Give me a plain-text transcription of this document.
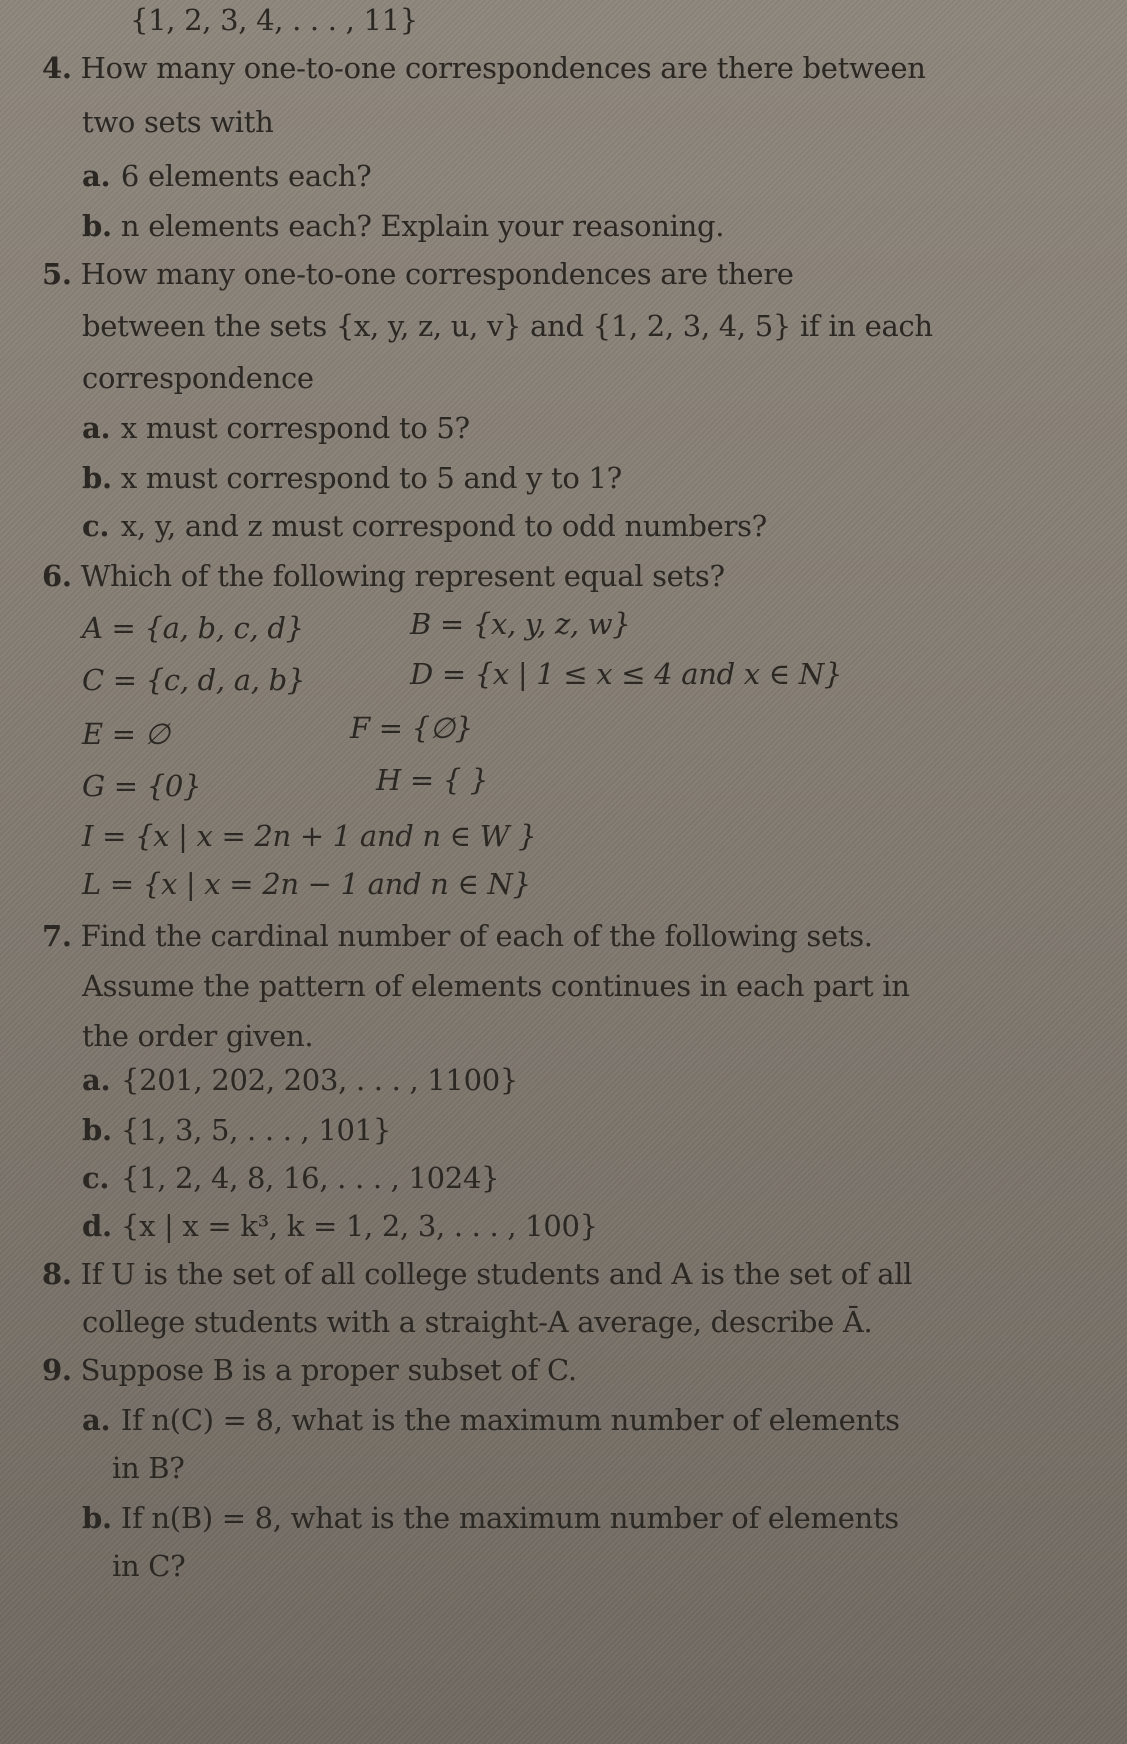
{1, 2, 3, 4, . . . , 11}
4. How many one-to-one correspondences are there between
two sets with
a. 6 elements each?
b. n elements each? Explain your reasoning.
5. How many one-to-one correspondences are there
between the sets {x, y, z, u, v} and {1, 2, 3, 4, 5} if in each
correspondence
a. x must correspond to 5?
b. x must correspond to 5 and y to 1?
c. x, y, and z must correspond to odd numbers?
6. Which of the following represent equal sets?
A = {a, b, c, d}	B = {x, y, z, w}
C = {c, d, a, b}	D = {x | 1 ≤ x ≤ 4 and x ∈ N}
E = ∅	F = {∅}
G = {0}	H = { }
I = {x | x = 2n + 1 and n ∈ W }
L = {x | x = 2n − 1 and n ∈ N}
7. Find the cardinal number of each of the following sets.
Assume the pattern of elements continues in each part in
the order given.
a. {201, 202, 203, . . . , 1100}
b. {1, 3, 5, . . . , 101}
c. {1, 2, 4, 8, 16, . . . , 1024}
d. {x | x = k³, k = 1, 2, 3, . . . , 100}
8. If U is the set of all college students and A is the set of all
college students with a straight-A average, describe Ā.
9. Suppose B is a proper subset of C.
a. If n(C) = 8, what is the maximum number of elements
in B?
b. If n(B) = 8, what is the maximum number of elements
in C?
